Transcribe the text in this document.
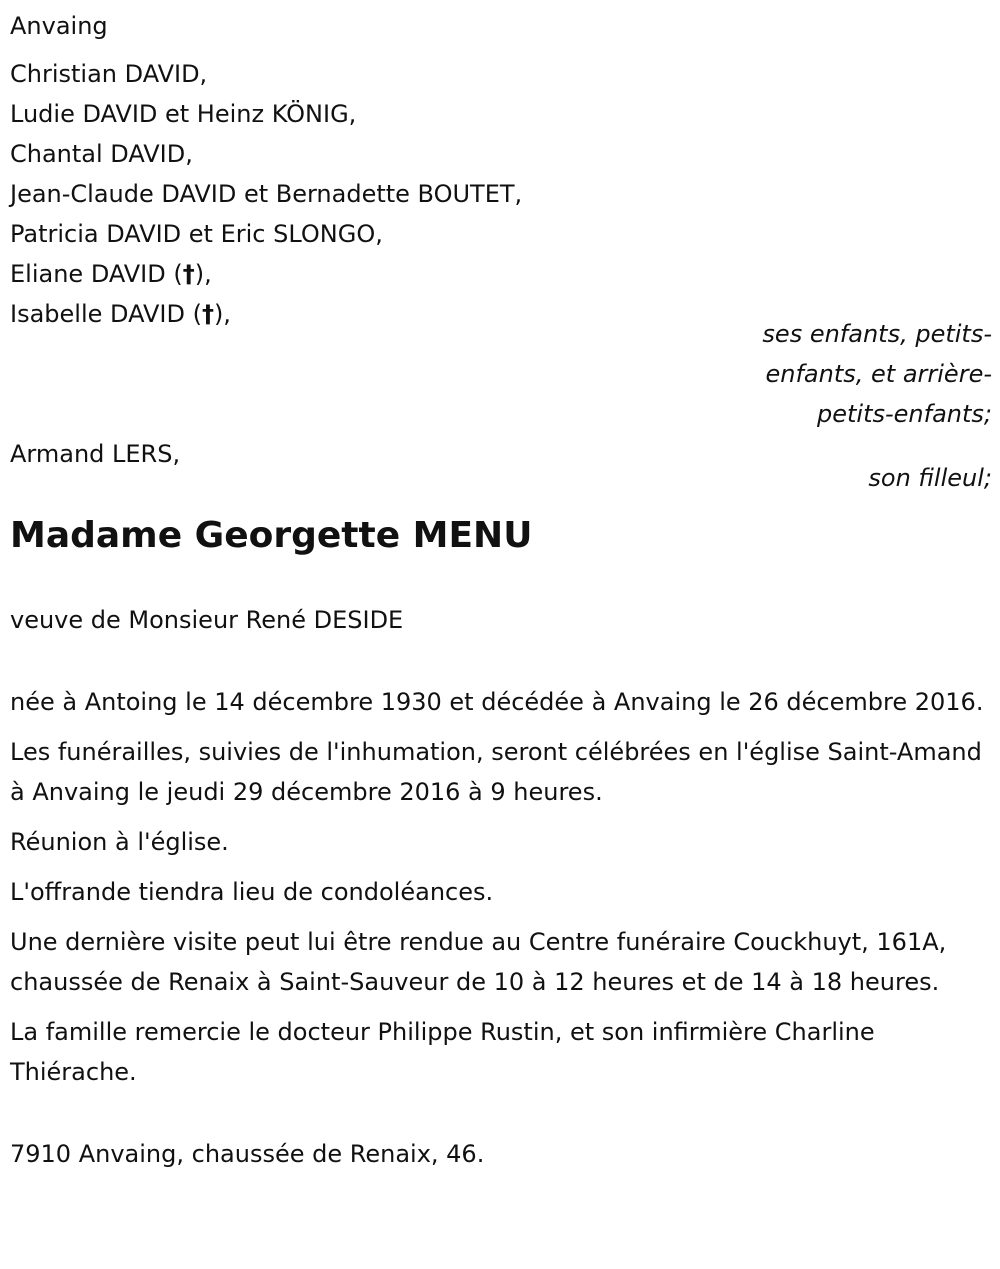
Anvaing
Christian DAVID,
Ludie DAVID et Heinz KÖNIG,
Chantal DAVID,
Jean-Claude DAVID et Bernadette BOUTET,
Patricia DAVID et Eric SLONGO,
Eliane DAVID (†),
Isabelle DAVID (†),
ses enfants, petits-
enfants, et arrière-
petits-enfants;
Armand LERS,
son filleul;
Madame Georgette MENU
veuve de Monsieur René DESIDE
née à Antoing le 14 décembre 1930 et décédée à Anvaing le 26 décembre 2016.
Les funérailles, suivies de l'inhumation, seront célébrées en l'église Saint-Amand à Anvaing le jeudi 29 décembre 2016 à 9 heures.
Réunion à l'église.
L'offrande tiendra lieu de condoléances.
Une dernière visite peut lui être rendue au Centre funéraire Couckhuyt, 161A, chaussée de Renaix à Saint-Sauveur de 10 à 12 heures et de 14 à 18 heures.
La famille remercie le docteur Philippe Rustin, et son infirmière Charline Thiérache.
7910 Anvaing, chaussée de Renaix, 46.
